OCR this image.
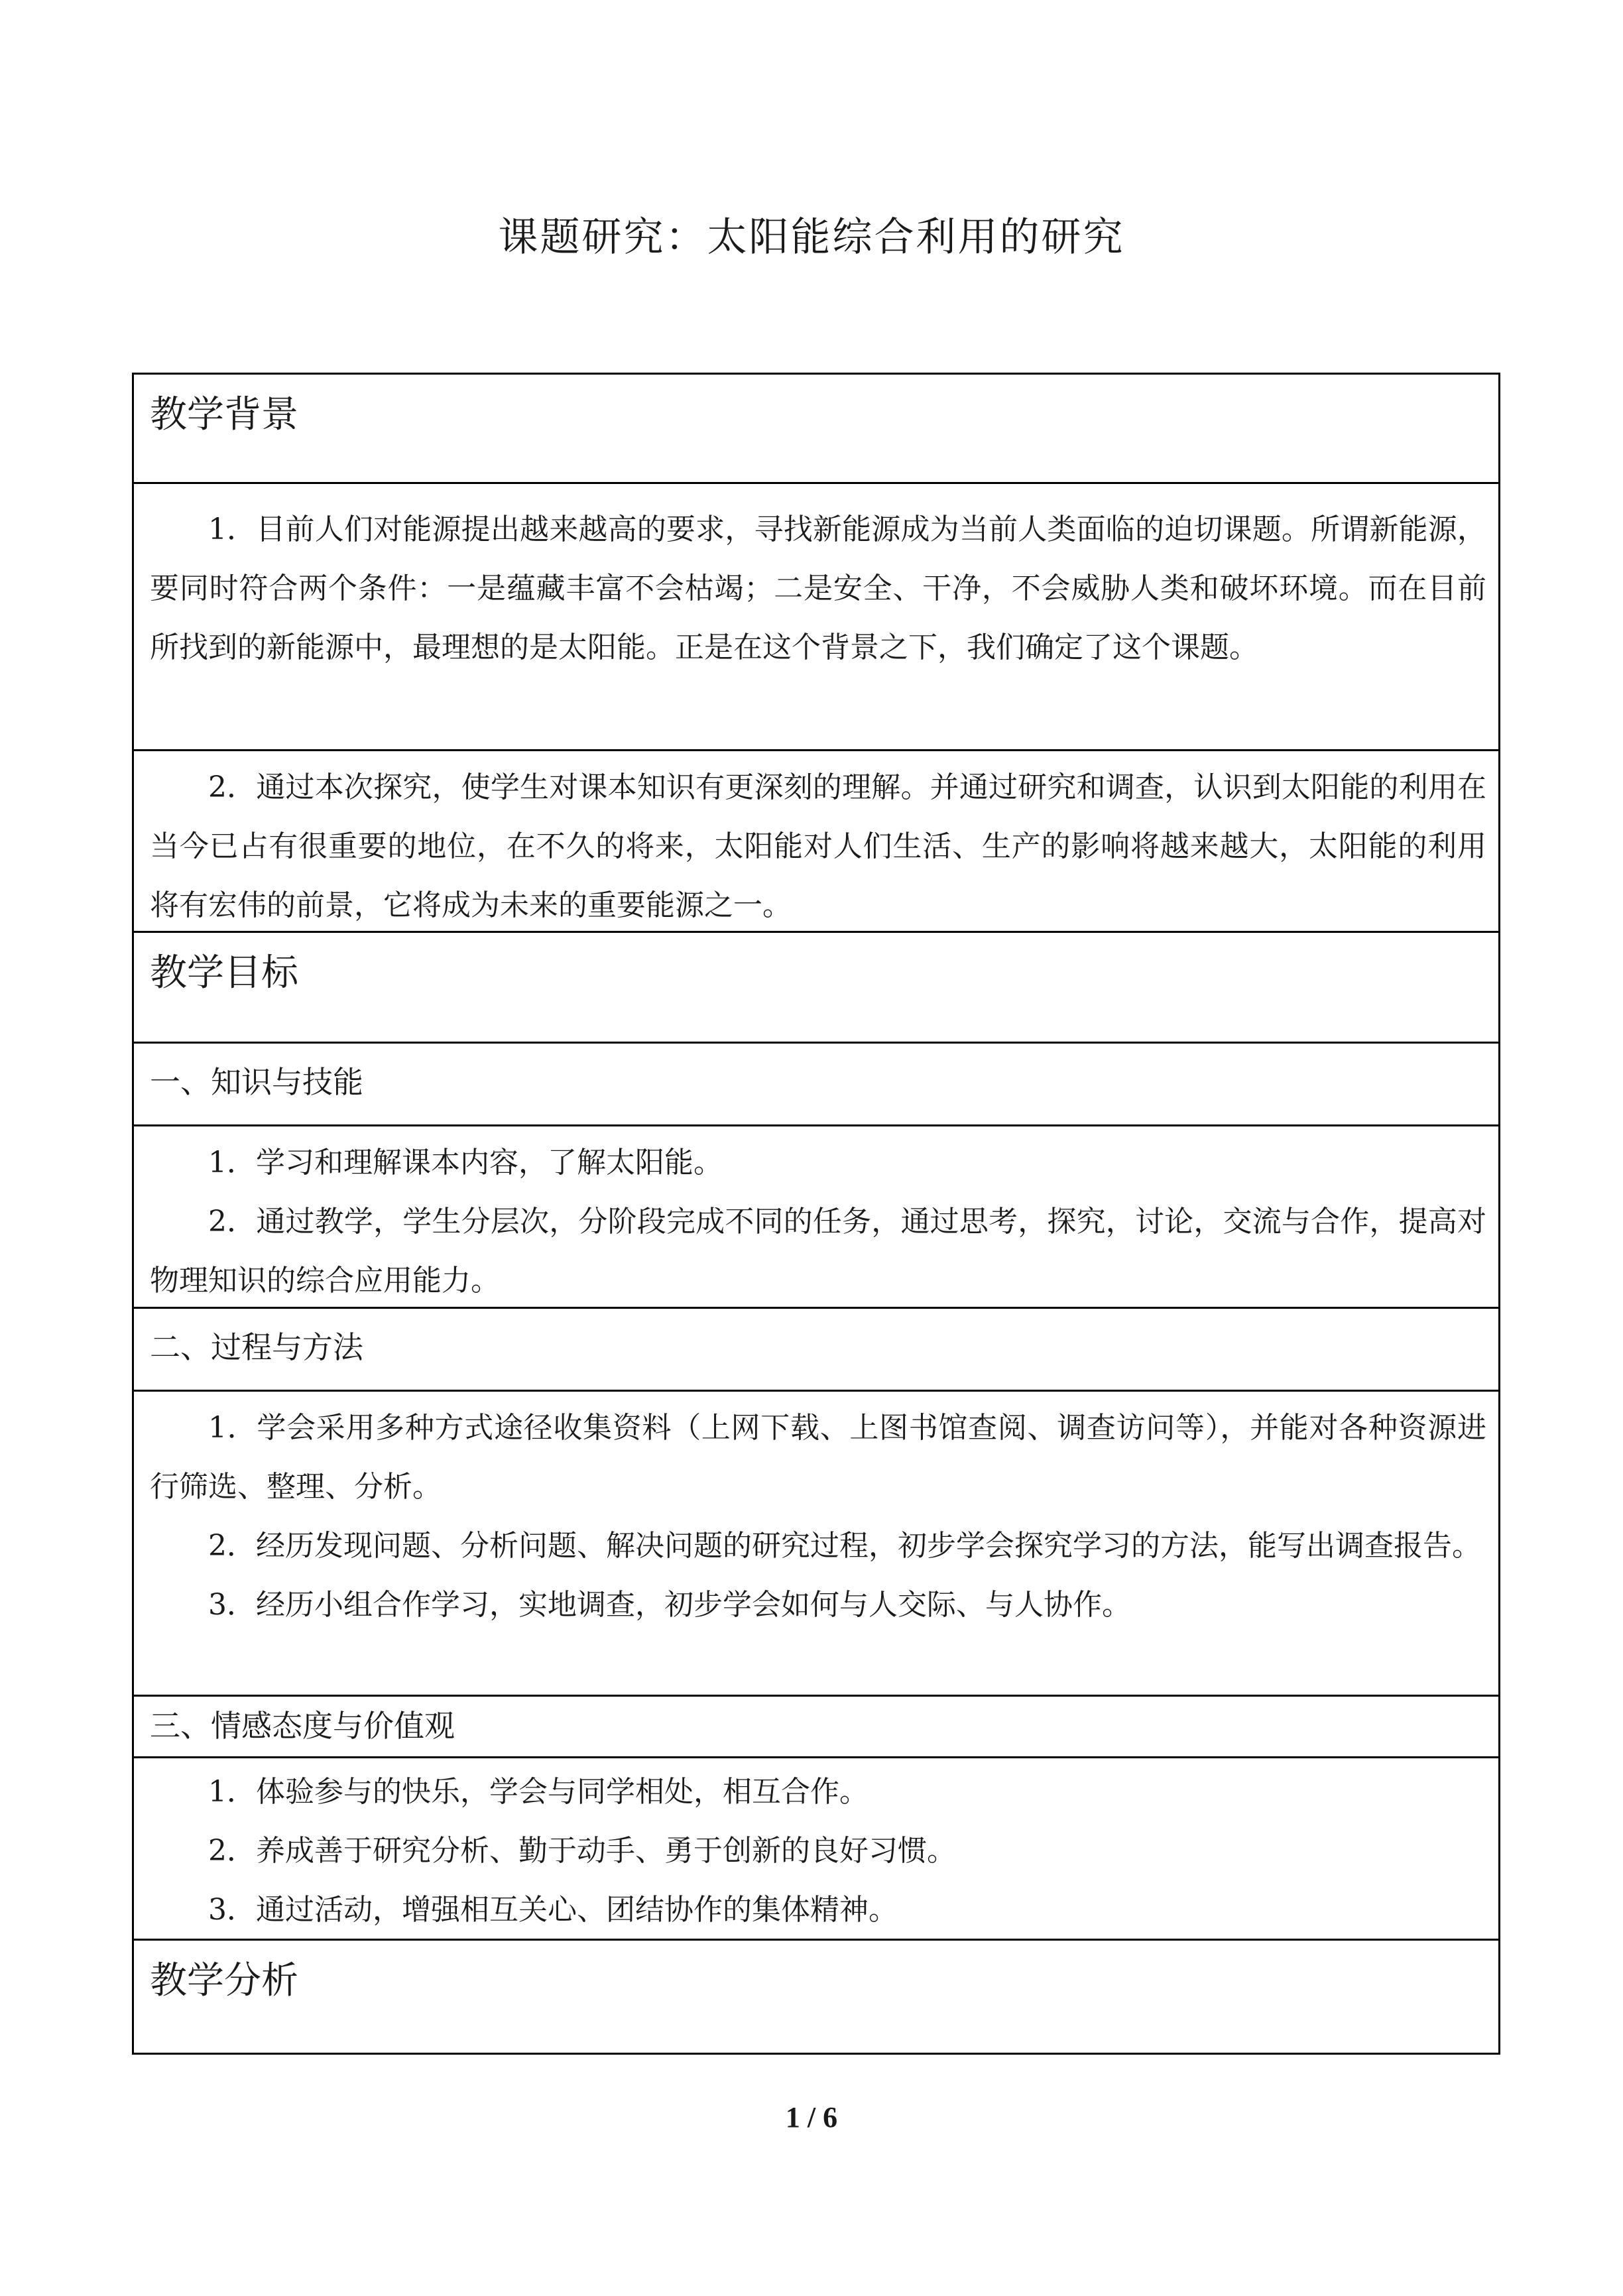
课题研究：太阳能综合利用的研究
教学背景

1．目前人们对能源提出越来越高的要求，寻找新能源成为当前人类面临的迫切课题。所谓新能源，要同时符合两个条件：一是蕴藏丰富不会枯竭；二是安全、干净，不会威胁人类和破坏环境。而在目前所找到的新能源中，最理想的是太阳能。正是在这个背景之下，我们确定了这个课题。

2．通过本次探究，使学生对课本知识有更深刻的理解。并通过研究和调查，认识到太阳能的利用在当今已占有很重要的地位，在不久的将来，太阳能对人们生活、生产的影响将越来越大，太阳能的利用将有宏伟的前景，它将成为未来的重要能源之一。

教学目标
一、知识与技能

1．学习和理解课本内容，了解太阳能。

2．通过教学，学生分层次，分阶段完成不同的任务，通过思考，探究，讨论，交流与合作，提高对物理知识的综合应用能力。

二、过程与方法

1．学会采用多种方式途径收集资料（上网下载、上图书馆查阅、调查访问等），并能对各种资源进行筛选、整理、分析。

2．经历发现问题、分析问题、解决问题的研究过程，初步学会探究学习的方法，能写出调查报告。

3．经历小组合作学习，实地调查，初步学会如何与人交际、与人协作。

三、情感态度与价值观

1．体验参与的快乐，学会与同学相处，相互合作。

2．养成善于研究分析、勤于动手、勇于创新的良好习惯。

3．通过活动，增强相互关心、团结协作的集体精神。

教学分析
1 / 6
